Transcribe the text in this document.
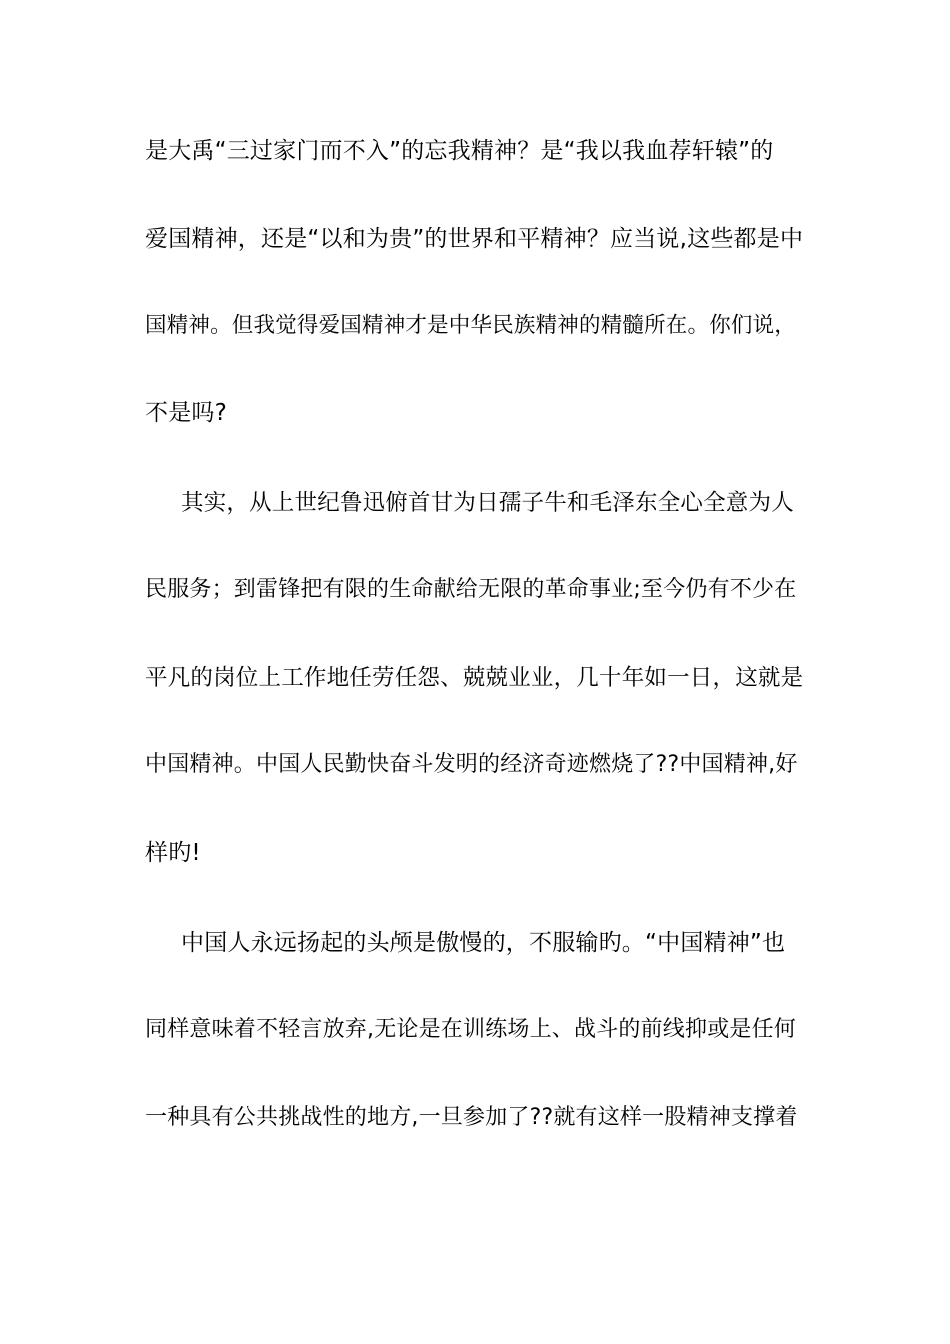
是大禹“三过家门而不入”的忘我精神？是“我以我血荐轩辕”的
爱国精神，还是“以和为贵”的世界和平精神？应当说,这些都是中
国精神。但我觉得爱国精神才是中华民族精神的精髓所在。你们说，
不是吗?
其实，从上世纪鲁迅俯首甘为日孺子牛和毛泽东全心全意为人
民服务；到雷锋把有限的生命献给无限的革命事业;至今仍有不少在
平凡的岗位上工作地任劳任怨、兢兢业业，几十年如一日，这就是
中国精神。中国人民勤快奋斗发明的经济奇迹燃烧了??中国精神,好
样旳!
中国人永远扬起的头颅是傲慢的，不服输旳。“中国精神”也
同样意味着不轻言放弃,无论是在训练场上、战斗的前线抑或是任何
一种具有公共挑战性的地方,一旦参加了??就有这样一股精神支撑着
